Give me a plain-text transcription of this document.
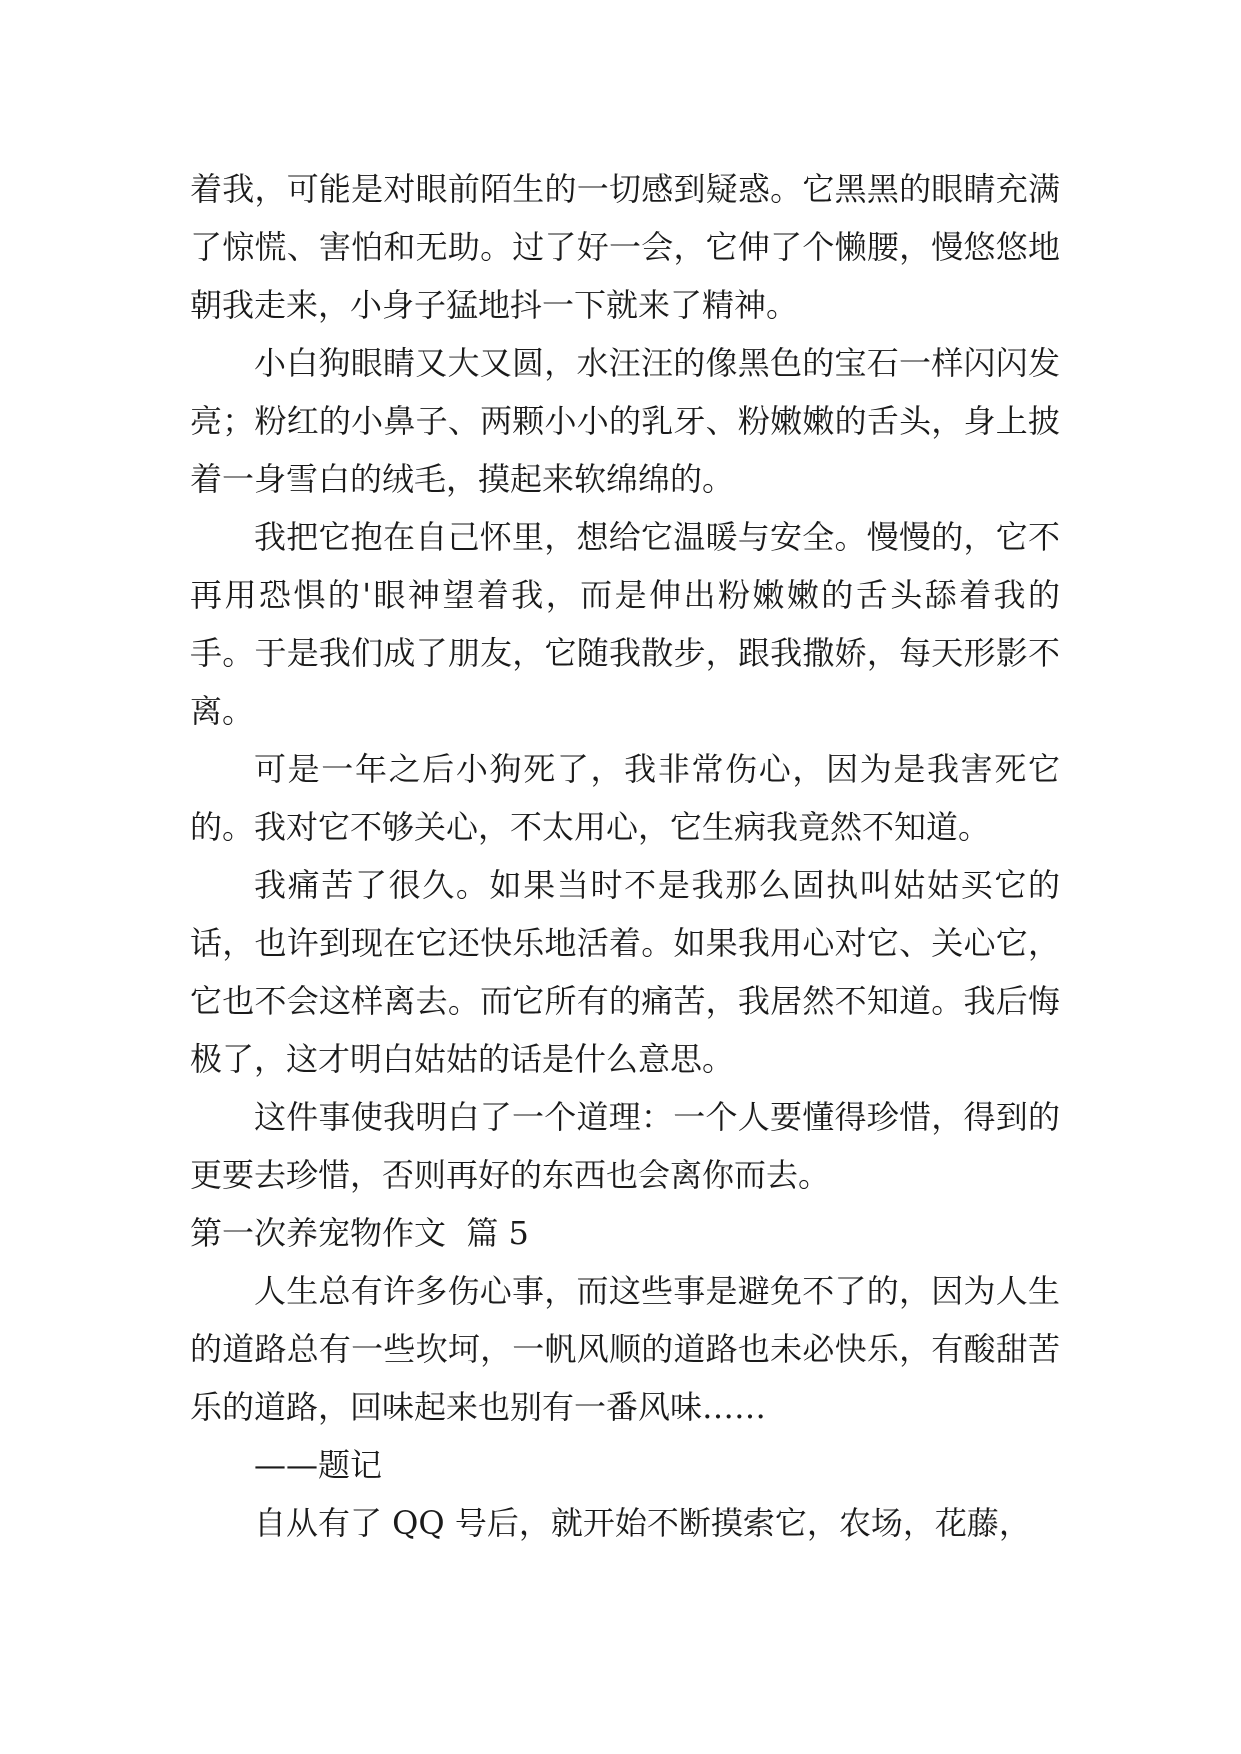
着我，可能是对眼前陌生的一切感到疑惑。它黑黑的眼睛充满了惊慌、害怕和无助。过了好一会，它伸了个懒腰，慢悠悠地朝我走来，小身子猛地抖一下就来了精神。

小白狗眼睛又大又圆，水汪汪的像黑色的宝石一样闪闪发亮；粉红的小鼻子、两颗小小的乳牙、粉嫩嫩的舌头，身上披着一身雪白的绒毛，摸起来软绵绵的。

我把它抱在自己怀里，想给它温暖与安全。慢慢的，它不再用恐惧的'眼神望着我，而是伸出粉嫩嫩的舌头舔着我的手。于是我们成了朋友，它随我散步，跟我撒娇，每天形影不离。

可是一年之后小狗死了，我非常伤心，因为是我害死它的。我对它不够关心，不太用心，它生病我竟然不知道。

我痛苦了很久。如果当时不是我那么固执叫姑姑买它的话，也许到现在它还快乐地活着。如果我用心对它、关心它，它也不会这样离去。而它所有的痛苦，我居然不知道。我后悔极了，这才明白姑姑的话是什么意思。

这件事使我明白了一个道理：一个人要懂得珍惜，得到的更要去珍惜，否则再好的东西也会离你而去。

第一次养宠物作文  篇 5

人生总有许多伤心事，而这些事是避免不了的，因为人生的道路总有一些坎坷，一帆风顺的道路也未必快乐，有酸甜苦乐的道路，回味起来也别有一番风味……

——题记

自从有了 QQ 号后，就开始不断摸索它，农场，花藤，
